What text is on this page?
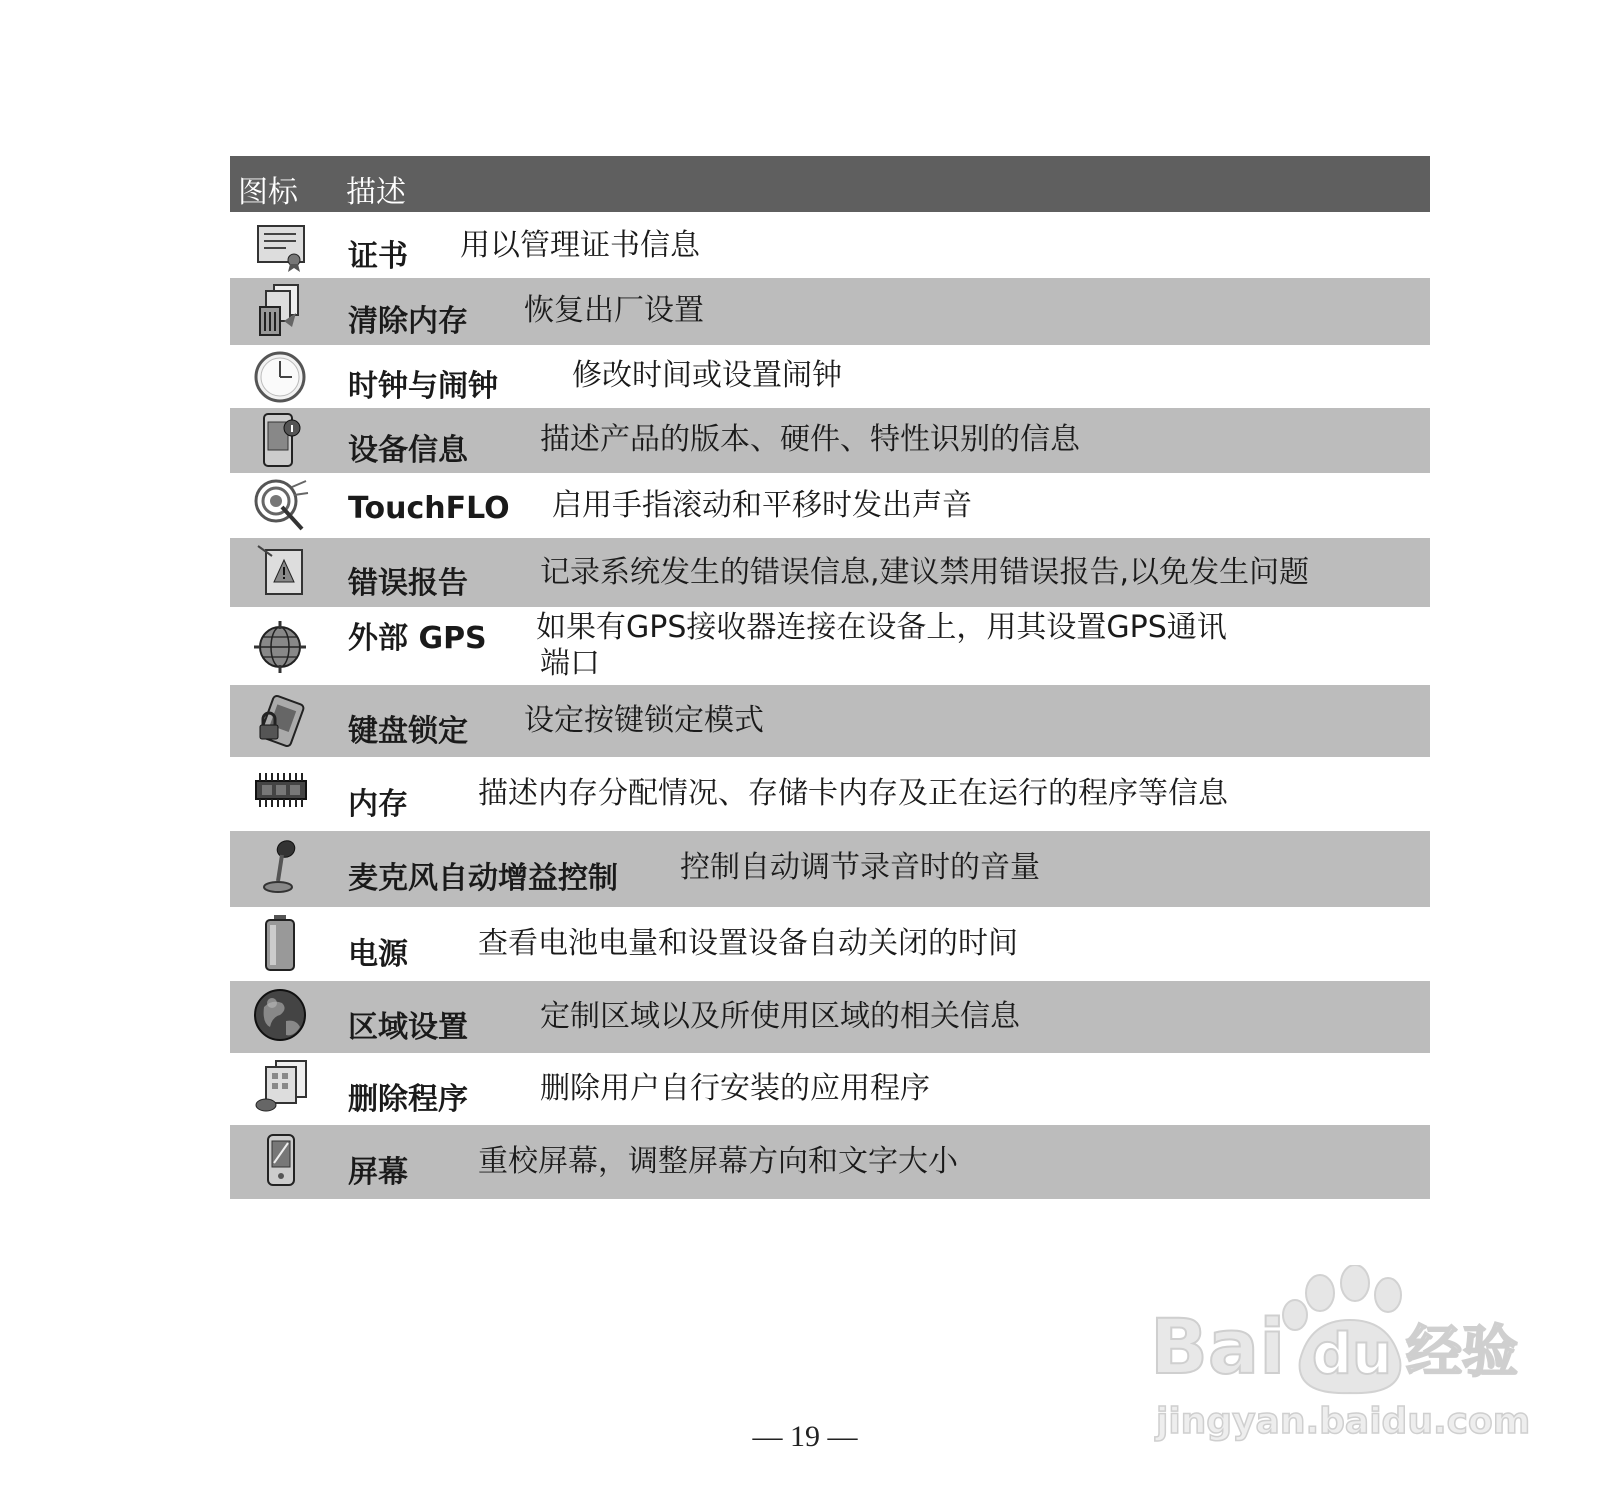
图标 描述
证书 用以管理证书信息
清除内存 恢复出厂设置
时钟与闹钟 修改时间或设置闹钟
设备信息 描述产品的版本、硬件、特性识别的信息
TouchFLO 启用手指滚动和平移时发出声音
错误报告 记录系统发生的错误信息,建议禁用错误报告,以免发生问题
外部 GPS 如果有GPS接收器连接在设备上，用其设置GPS通讯
端口
键盘锁定 设定按键锁定模式
内存 描述内存分配情况、存储卡内存及正在运行的程序等信息
麦克风自动增益控制 控制自动调节录音时的音量
电源 查看电池电量和设置设备自动关闭的时间
区域设置 定制区域以及所使用区域的相关信息
删除程序 删除用户自行安装的应用程序
屏幕 重校屏幕，调整屏幕方向和文字大小
Bai du 经验
jingyan.baidu.com
— 19 —
